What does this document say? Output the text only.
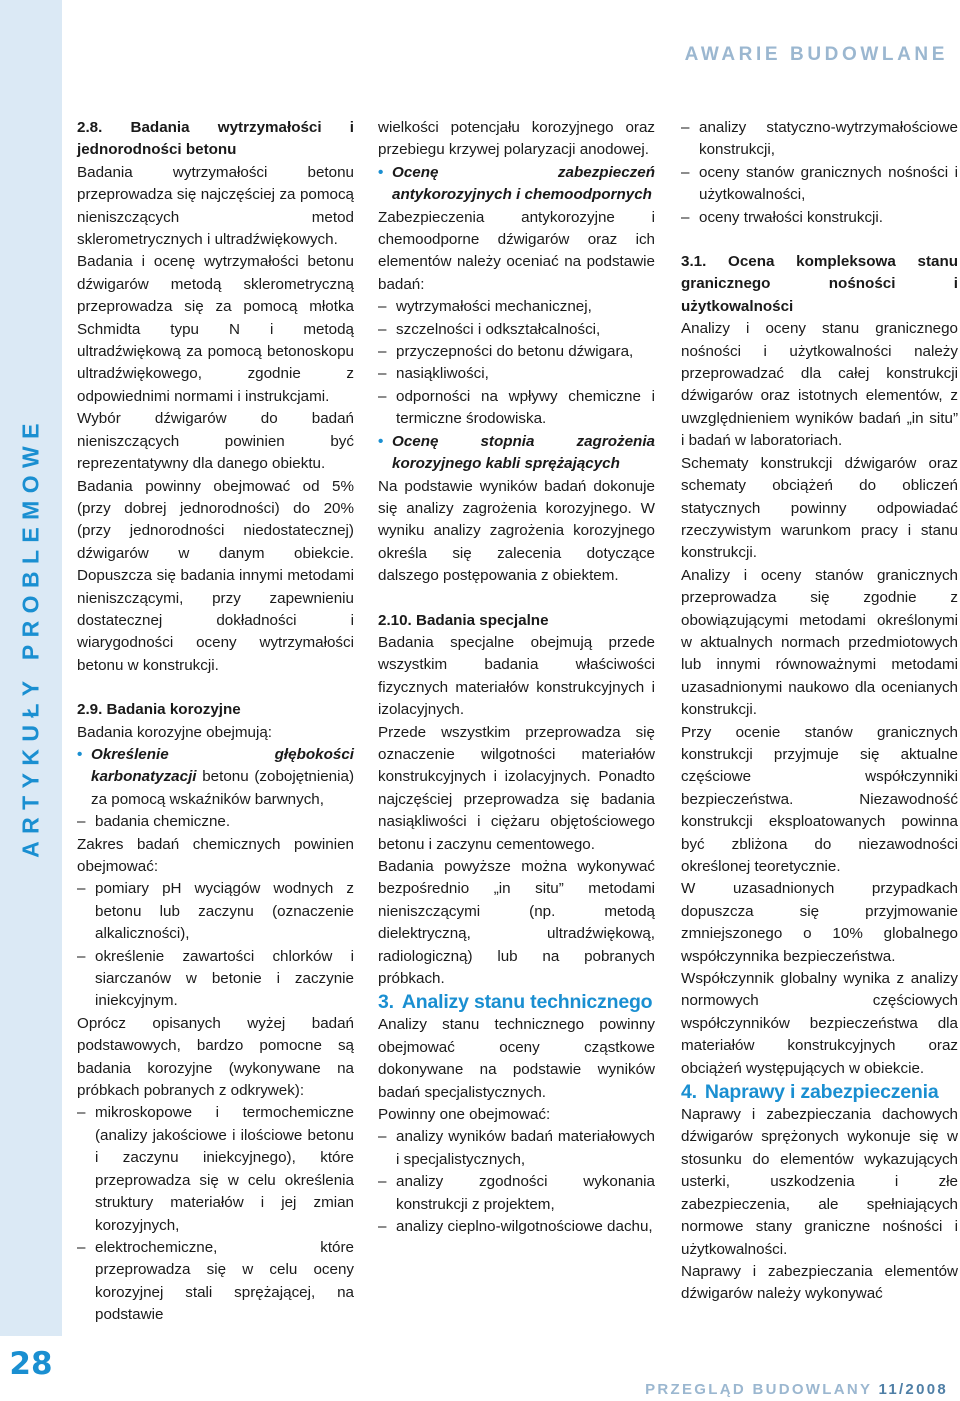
ARTYKUŁY PROBLEMOWE
28
AWARIE BUDOWLANE
PRZEGLĄD BUDOWLANY 11/2008

2.8. Badania wytrzymałości i jednorodności betonu

Badania wytrzymałości betonu przeprowadza się najczęściej za pomocą nieniszczących metod sklerometrycznych i ultradźwiękowych.

Badania i ocenę wytrzymałości betonu dźwigarów metodą sklerometryczną przeprowadza się za pomocą młotka Schmidta typu N i metodą ultradźwiękową za pomocą betonoskopu ultradźwiękowego, zgodnie z odpowiednimi normami i instrukcjami.

Wybór dźwigarów do badań nieniszczących powinien być reprezentatywny dla danego obiektu.

Badania powinny obejmować od 5% (przy dobrej jednorodności) do 20% (przy jednorodności niedostatecznej) dźwigarów w danym obiekcie. Dopuszcza się badania innymi metodami nieniszczącymi, przy zapewnieniu dostatecznej dokładności i wiarygodności oceny wytrzymałości betonu w konstrukcji.

2.9. Badania korozyjne

Badania korozyjne obejmują:

• Określenie głębokości karbonatyzacji betonu (zobojętnienia) za pomocą wskaźników barwnych,

– badania chemiczne.

Zakres badań chemicznych powinien obejmować:

– pomiary pH wyciągów wodnych z betonu lub zaczynu (oznaczenie alkaliczności),

– określenie zawartości chlorków i siarczanów w betonie i zaczynie iniekcyjnym.

Oprócz opisanych wyżej badań podstawowych, bardzo pomocne są badania korozyjne (wykonywane na próbkach pobranych z odkrywek):

– mikroskopowe i termochemiczne (analizy jakościowe i ilościowe betonu i zaczynu iniekcyjnego), które przeprowadza się w celu określenia struktury materiałów i jej zmian korozyjnych,

– elektrochemiczne, które przeprowadza się w celu oceny korozyjnej stali sprężającej, na podstawie

wielkości potencjału korozyjnego oraz przebiegu krzywej polaryzacji anodowej.

• Ocenę zabezpieczeń antykorozyjnych i chemoodpornych

Zabezpieczenia antykorozyjne i chemoodporne dźwigarów oraz ich elementów należy oceniać na podstawie badań:

– wytrzymałości mechanicznej,

– szczelności i odkształcalności,

– przyczepności do betonu dźwigara,

– nasiąkliwości,

– odporności na wpływy chemiczne i termiczne środowiska.

• Ocenę stopnia zagrożenia korozyjnego kabli sprężających

Na podstawie wyników badań dokonuje się analizy zagrożenia korozyjnego. W wyniku analizy zagrożenia korozyjnego określa się zalecenia dotyczące dalszego postępowania z obiektem.

2.10. Badania specjalne

Badania specjalne obejmują przede wszystkim badania właściwości fizycznych materiałów konstrukcyjnych i izolacyjnych.

Przede wszystkim przeprowadza się oznaczenie wilgotności materiałów konstrukcyjnych i izolacyjnych. Ponadto najczęściej przeprowadza się badania nasiąkliwości i ciężaru objętościowego betonu i zaczynu cementowego.

Badania powyższe można wykonywać bezpośrednio „in situ” metodami nieniszczącymi (np. metodą dielektryczną, ultradźwiękową, radiologiczną) lub na pobranych próbkach.

3. Analizy stanu technicznego

Analizy stanu technicznego powinny obejmować oceny cząstkowe dokonywane na podstawie wyników badań specjalistycznych.

Powinny one obejmować:

– analizy wyników badań materiałowych i specjalistycznych,

– analizy zgodności wykonania konstrukcji z projektem,

– analizy cieplno-wilgotnościowe dachu,

– analizy statyczno-wytrzymałościowe konstrukcji,

– oceny stanów granicznych nośności i użytkowalności,

– oceny trwałości konstrukcji.

3.1. Ocena kompleksowa stanu granicznego nośności i użytkowalności

Analizy i oceny stanu granicznego nośności i użytkowalności należy przeprowadzać dla całej konstrukcji dźwigarów oraz istotnych elementów, z uwzględnieniem wyników badań „in situ” i badań w laboratoriach.

Schematy konstrukcji dźwigarów oraz schematy obciążeń do obliczeń statycznych powinny odpowiadać rzeczywistym warunkom pracy i stanu konstrukcji.

Analizy i oceny stanów granicznych przeprowadza się zgodnie z obowiązującymi metodami określonymi w aktualnych normach przedmiotowych lub innymi równoważnymi metodami uzasadnionymi naukowo dla ocenianych konstrukcji.

Przy ocenie stanów granicznych konstrukcji przyjmuje się aktualne częściowe współczynniki bezpieczeństwa. Niezawodność konstrukcji eksploatowanych powinna być zbliżona do niezawodności określonej teoretycznie.

W uzasadnionych przypadkach dopuszcza się przyjmowanie zmniejszonego o 10% globalnego współczynnika bezpieczeństwa.

Współczynnik globalny wynika z analizy normowych częściowych współczynników bezpieczeństwa dla materiałów konstrukcyjnych oraz obciążeń występujących w obiekcie.

4. Naprawy i zabezpieczenia

Naprawy i zabezpieczania dachowych dźwigarów sprężonych wykonuje się w stosunku do elementów wykazujących usterki, uszkodzenia i złe zabezpieczenia, ale spełniających normowe stany graniczne nośności i użytkowalności.

Naprawy i zabezpieczania elementów dźwigarów należy wykonywać
